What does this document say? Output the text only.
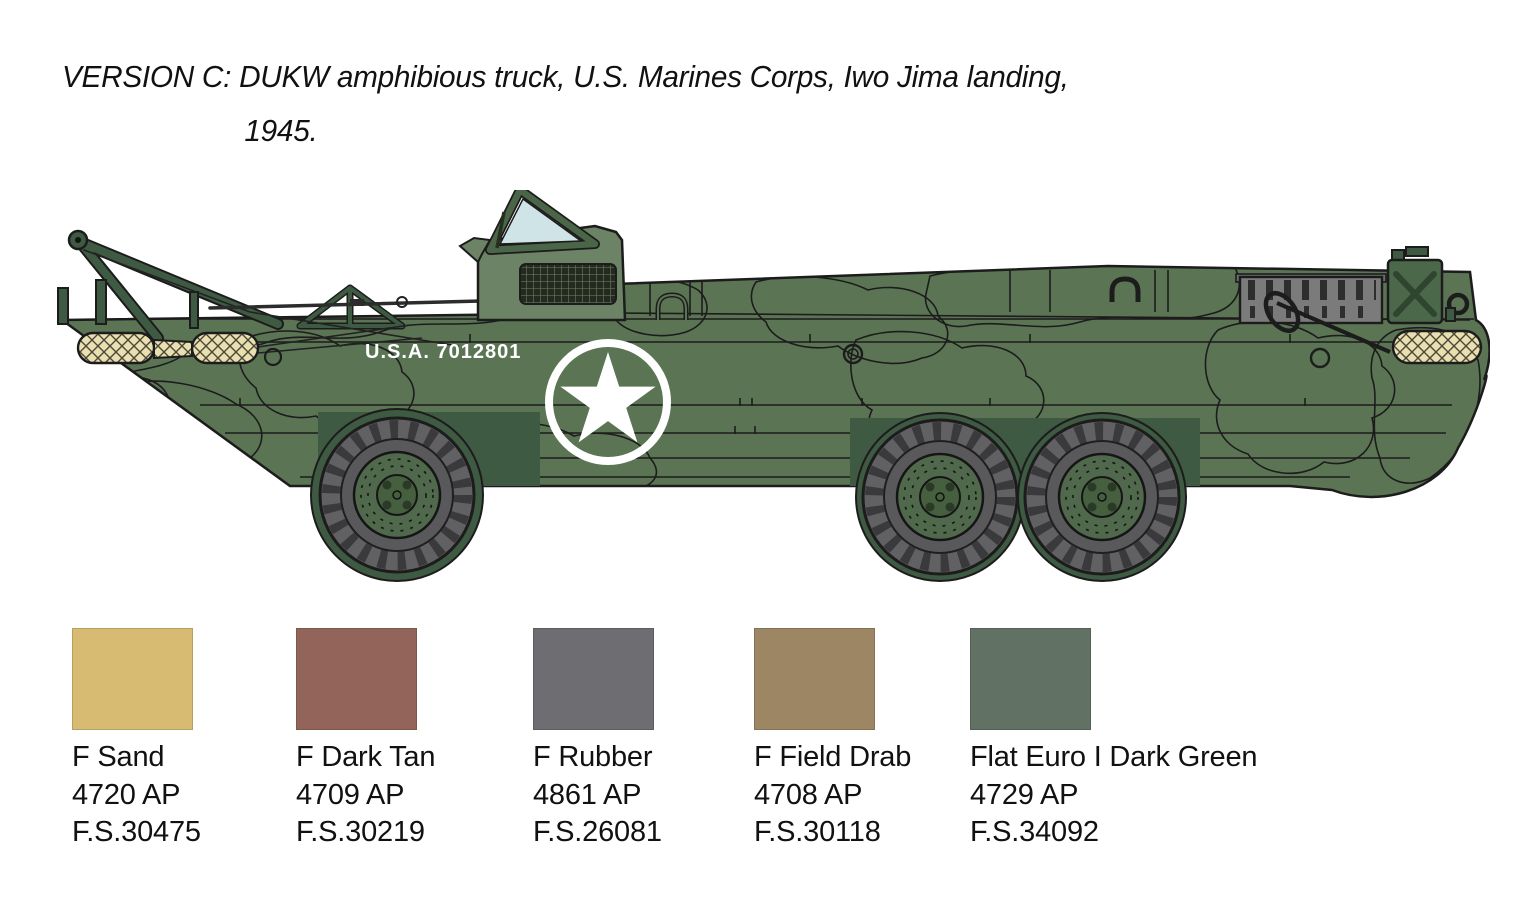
VERSION C: DUKW amphibious truck, U.S. Marines Corps, Iwo Jima landing,
1945.
U.S.A. 7012801
F Sand
4720 AP
F.S.30475
F Dark Tan
4709 AP
F.S.30219
F Rubber
4861 AP
F.S.26081
F Field Drab
4708 AP
F.S.30118
Flat Euro I Dark Green
4729 AP
F.S.34092
